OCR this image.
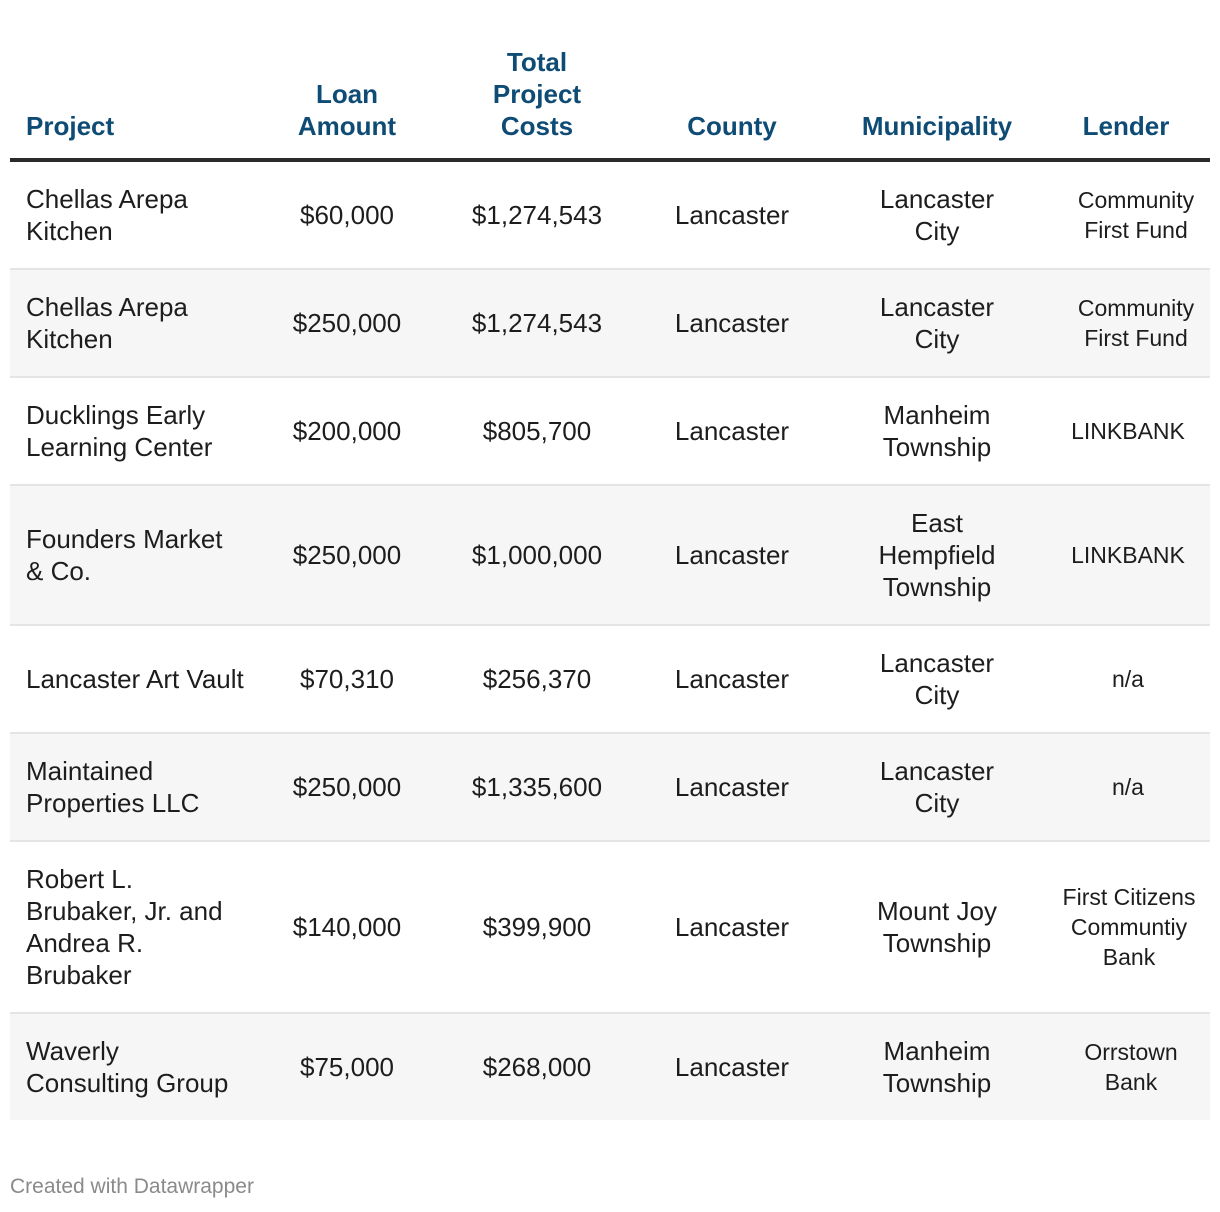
Project	Loan Amount	Total Project Costs	County	Municipality	Lender
Chellas Arepa Kitchen	$60,000	$1,274,543	Lancaster	Lancaster City	Community First Fund
Chellas Arepa Kitchen	$250,000	$1,274,543	Lancaster	Lancaster City	Community First Fund
Ducklings Early Learning Center	$200,000	$805,700	Lancaster	Manheim Township	LINKBANK
Founders Market & Co.	$250,000	$1,000,000	Lancaster	East Hempfield Township	LINKBANK
Lancaster Art Vault	$70,310	$256,370	Lancaster	Lancaster City	n/a
Maintained Properties LLC	$250,000	$1,335,600	Lancaster	Lancaster City	n/a
Robert L. Brubaker, Jr. and Andrea R. Brubaker	$140,000	$399,900	Lancaster	Mount Joy Township	First Citizens Communtiy Bank
Waverly Consulting Group	$75,000	$268,000	Lancaster	Manheim Township	Orrstown Bank
Created with Datawrapper
